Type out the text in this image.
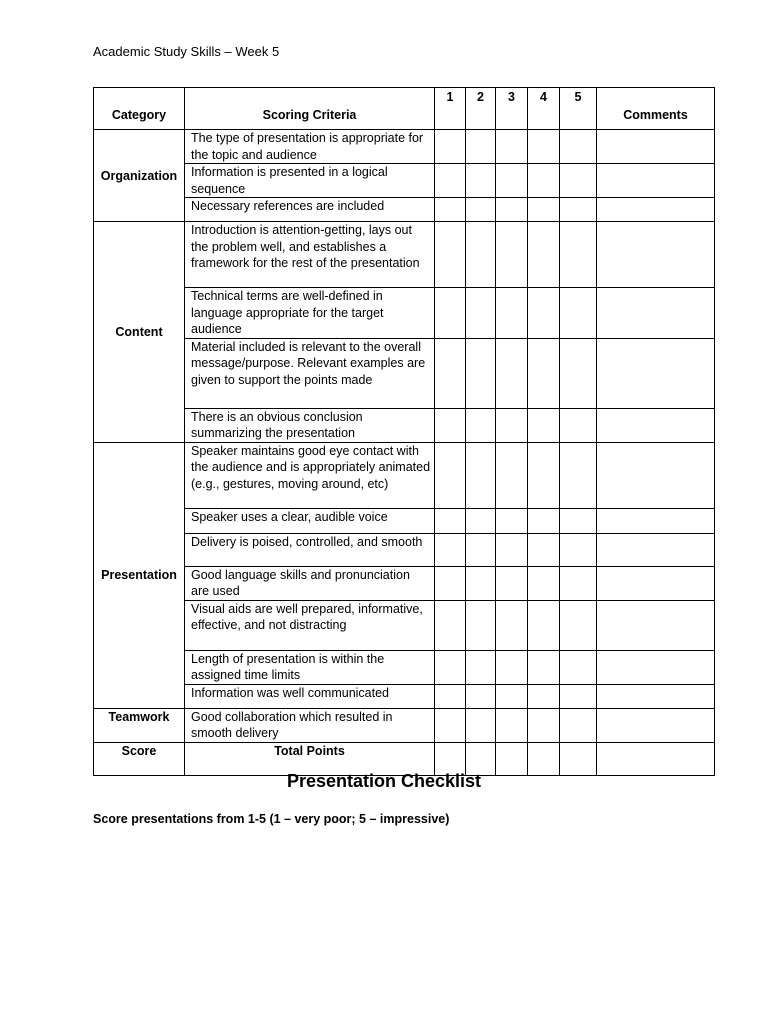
Academic Study Skills – Week 5
Category	Scoring Criteria	1	2	3	4	5	Comments
Organization	The type of presentation is appropriate for the topic and audience						
	Information is presented in a logical sequence						
	Necessary references are included						
Content	Introduction is attention-getting, lays out the problem well, and establishes a framework for the rest of the presentation						
	Technical terms are well-defined in language appropriate for the target audience						
	Material included is relevant to the overall message/purpose. Relevant examples are given to support the points made						
	There is an obvious conclusion summarizing the presentation						
Presentation	Speaker maintains good eye contact with the audience and is appropriately animated (e.g., gestures, moving around, etc)						
	Speaker uses a clear, audible voice						
	Delivery is poised, controlled, and smooth						
	Good language skills and pronunciation are used						
	Visual aids are well prepared, informative, effective, and not distracting						
	Length of presentation is within the assigned time limits						
	Information was well communicated						
Teamwork	Good collaboration which resulted in smooth delivery						
Score	Total Points						
Presentation Checklist
Score presentations from 1-5 (1 – very poor; 5 – impressive)
